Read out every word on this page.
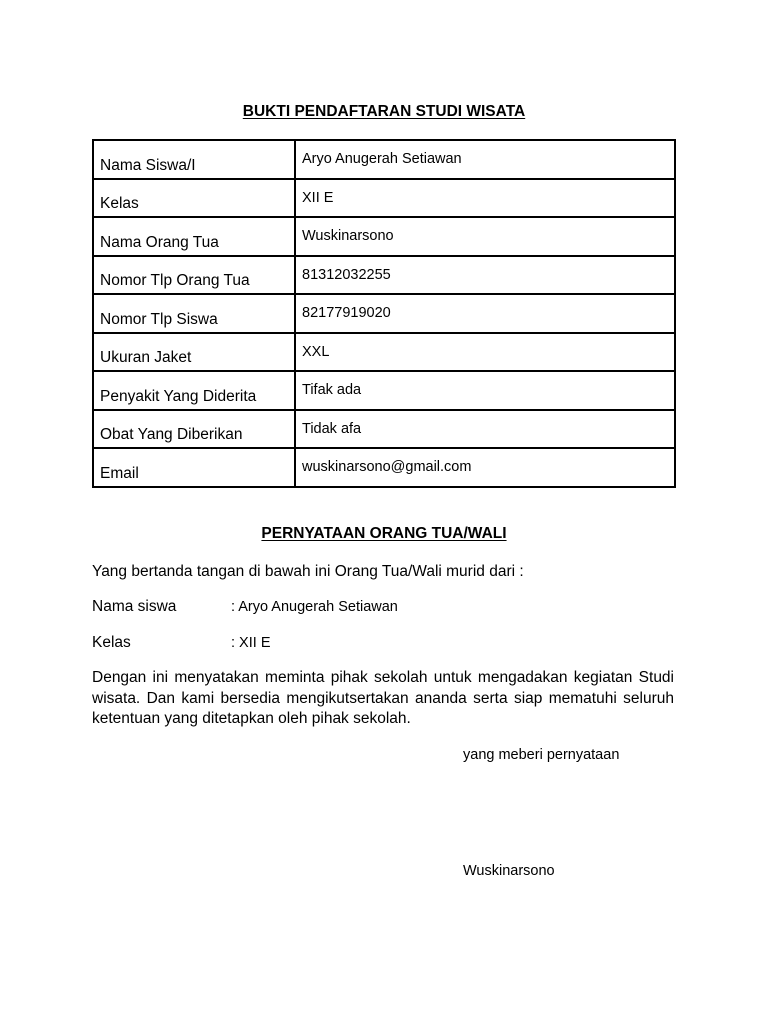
BUKTI PENDAFTARAN STUDI WISATA
Nama Siswa/I	Aryo Anugerah Setiawan
Kelas	XII E
Nama Orang Tua	Wuskinarsono
Nomor Tlp Orang Tua	81312032255
Nomor Tlp Siswa	82177919020
Ukuran Jaket	XXL
Penyakit Yang Diderita	Tifak ada
Obat Yang Diberikan	Tidak afa
Email	wuskinarsono@gmail.com
PERNYATAAN ORANG TUA/WALI
Yang bertanda tangan di bawah ini Orang Tua/Wali murid dari :
Nama siswa	: Aryo Anugerah Setiawan
Kelas	: XII E
Dengan ini menyatakan meminta pihak sekolah untuk mengadakan kegiatan Studi wisata. Dan kami bersedia mengikutsertakan ananda serta siap mematuhi seluruh ketentuan yang ditetapkan oleh pihak sekolah.
yang meberi pernyataan
Wuskinarsono
